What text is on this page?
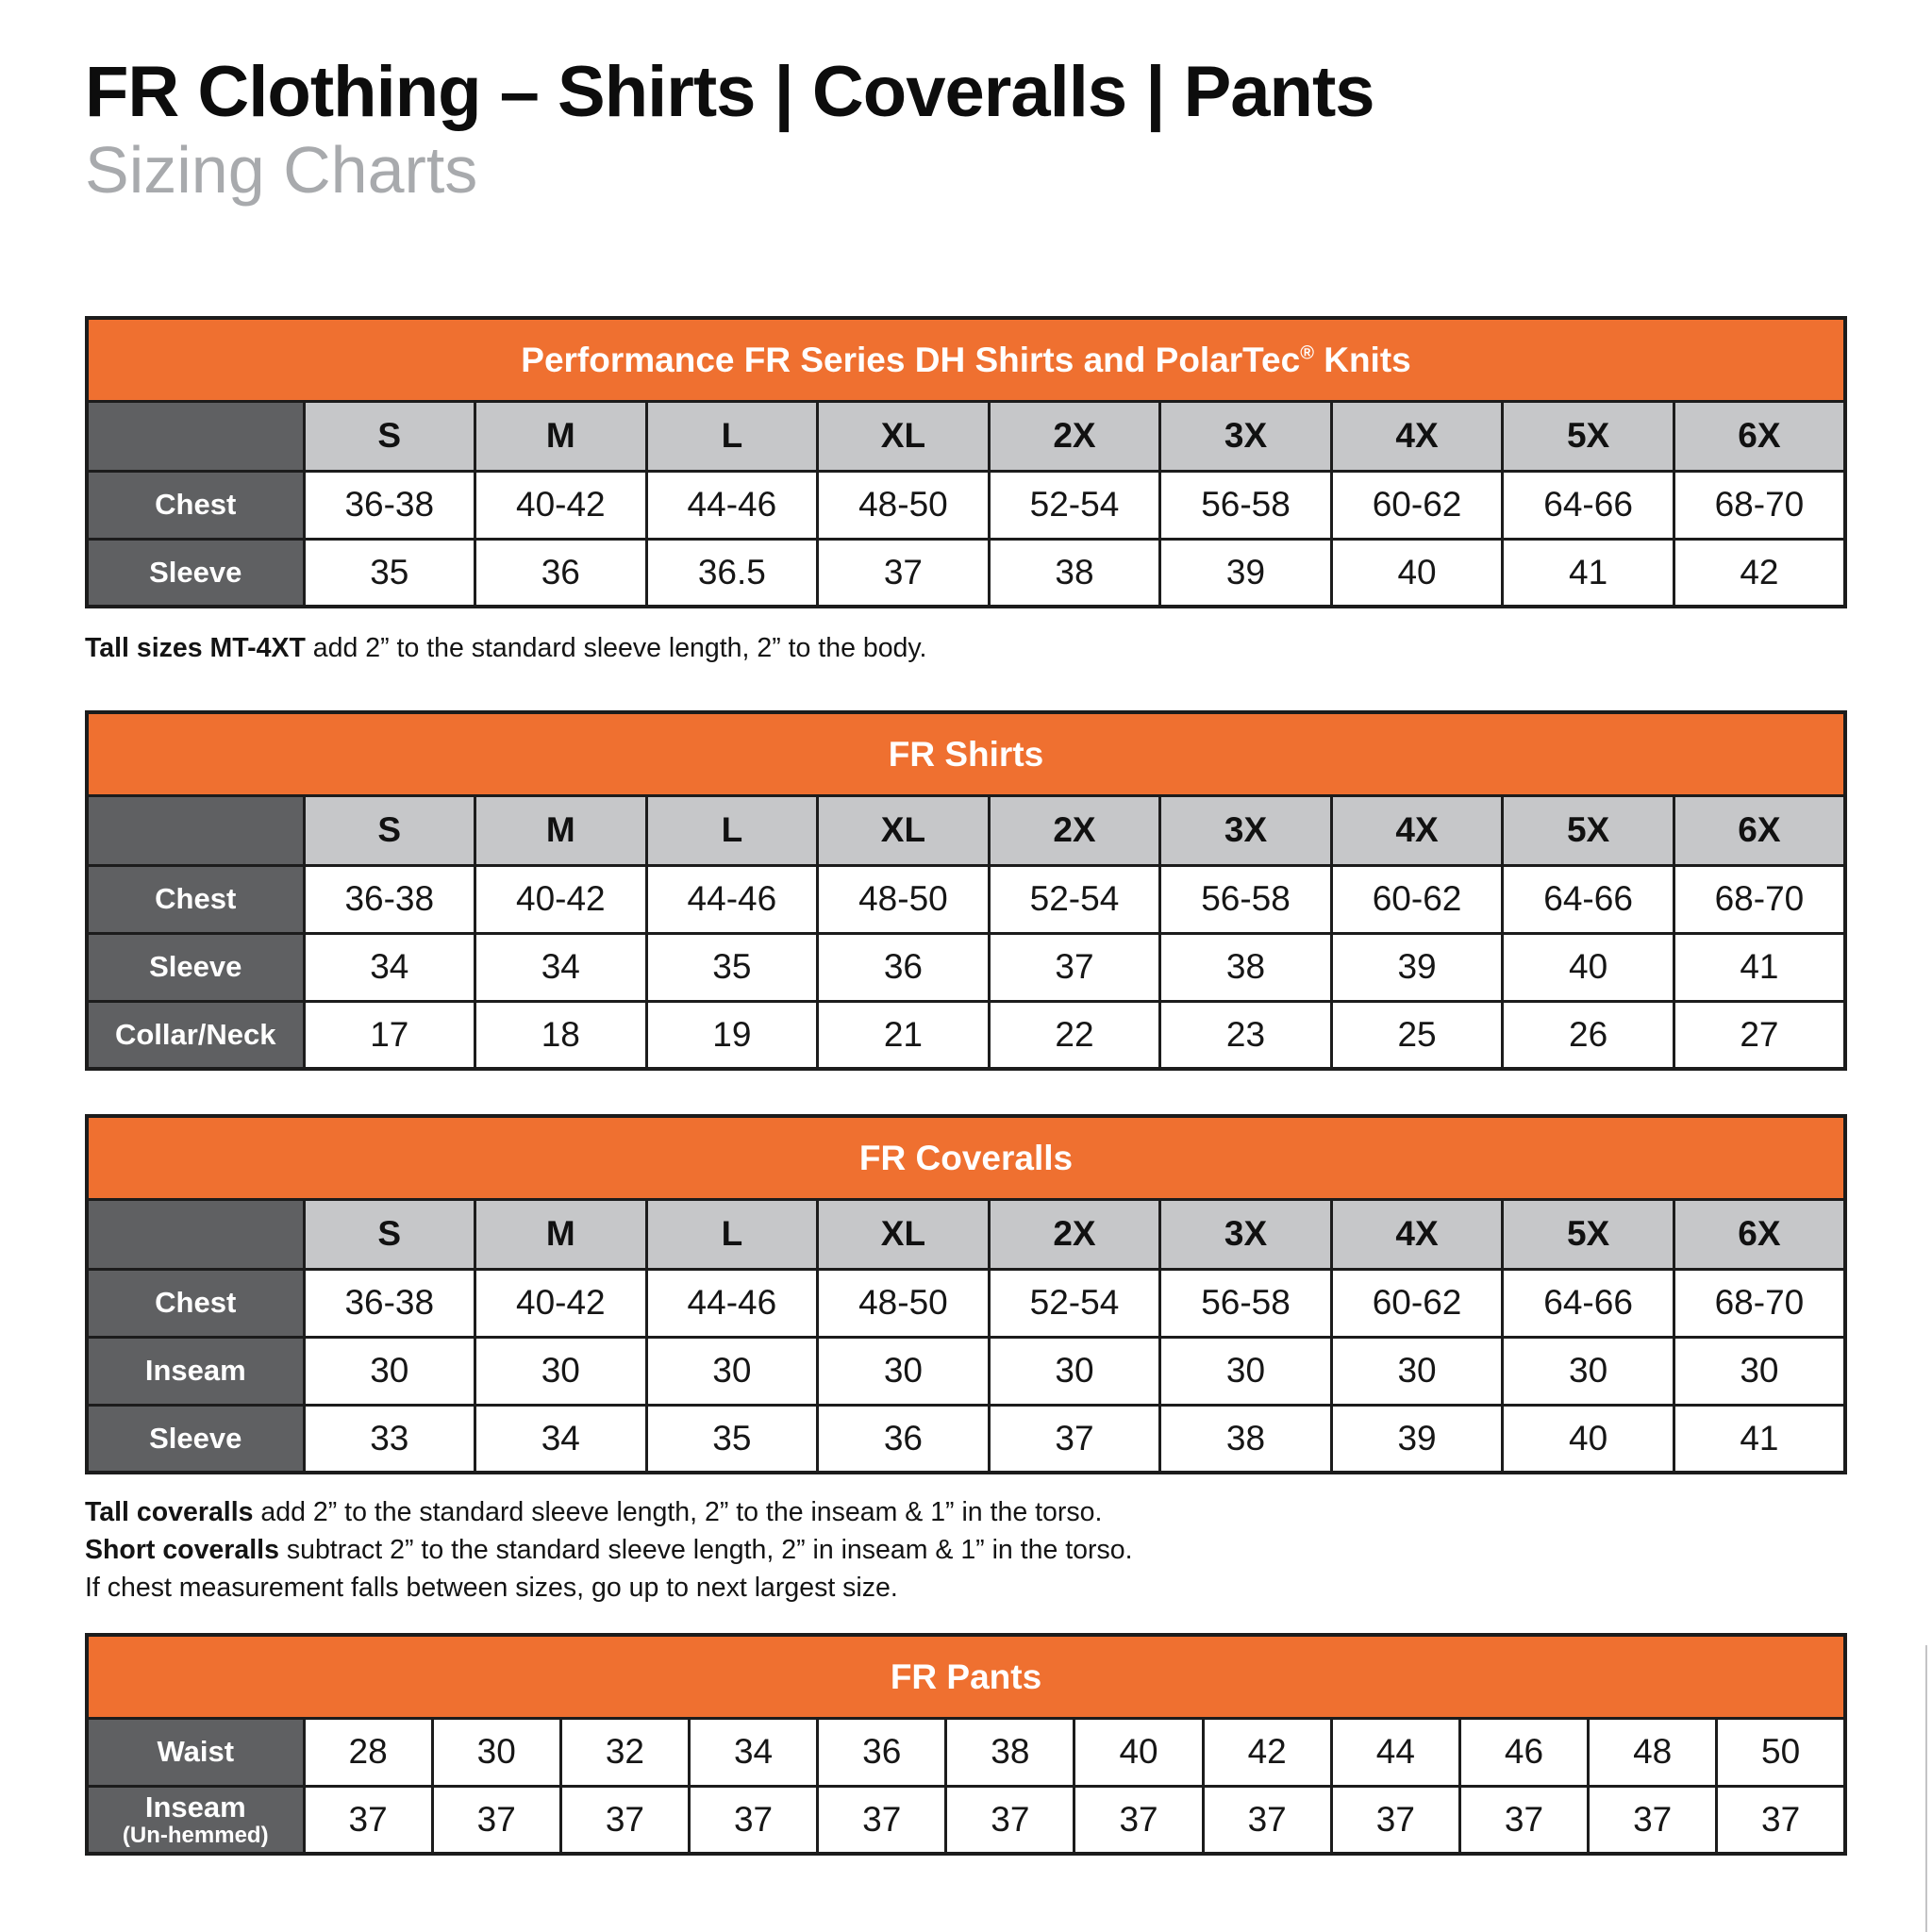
FR Clothing – Shirts | Coveralls | Pants
Sizing Charts
Performance FR Series DH Shirts and PolarTec® Knits									
	S	M	L	XL	2X	3X	4X	5X	6X
Chest	36-38	40-42	44-46	48-50	52-54	56-58	60-62	64-66	68-70
Sleeve	35	36	36.5	37	38	39	40	41	42

Tall sizes MT-4XT add 2” to the standard sleeve length, 2” to the body.

FR Shirts									
	S	M	L	XL	2X	3X	4X	5X	6X
Chest	36-38	40-42	44-46	48-50	52-54	56-58	60-62	64-66	68-70
Sleeve	34	34	35	36	37	38	39	40	41
Collar/Neck	17	18	19	21	22	23	25	26	27
FR Coveralls									
	S	M	L	XL	2X	3X	4X	5X	6X
Chest	36-38	40-42	44-46	48-50	52-54	56-58	60-62	64-66	68-70
Inseam	30	30	30	30	30	30	30	30	30
Sleeve	33	34	35	36	37	38	39	40	41

Tall coveralls add 2” to the standard sleeve length, 2” to the inseam & 1” in the torso.

Short coveralls subtract 2” to the standard sleeve length, 2” in inseam & 1” in the torso.

If chest measurement falls between sizes, go up to next largest size.

FR Pants												
Waist	28	30	32	34	36	38	40	42	44	46	48	50
Inseam
(Un-hemmed)	37	37	37	37	37	37	37	37	37	37	37	37
